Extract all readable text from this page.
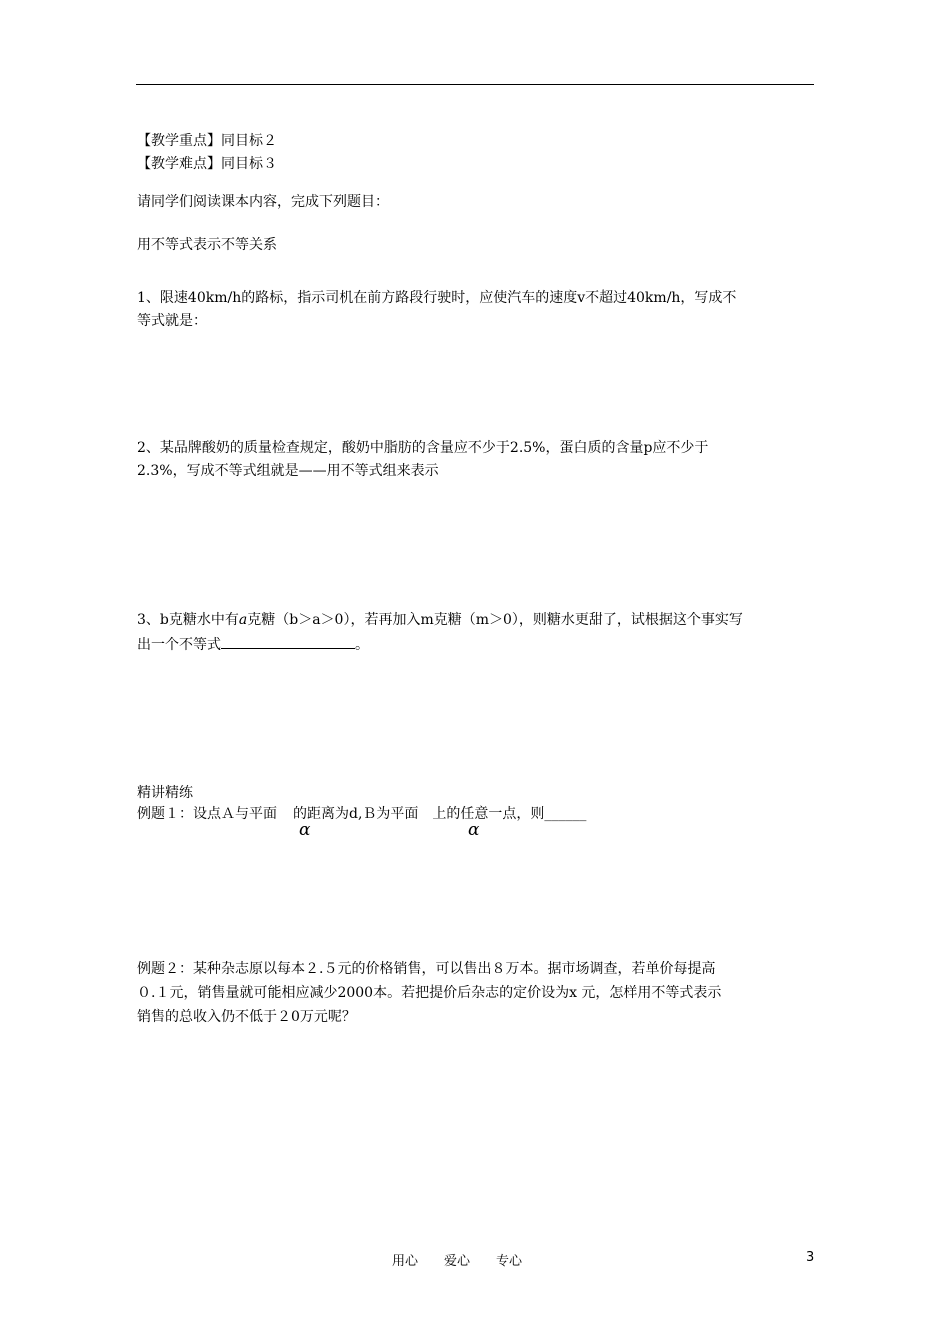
【教学重点】同目标２
【教学难点】同目标３
请同学们阅读课本内容，完成下列题目：
用不等式表示不等关系
1、限速40km/h的路标，指示司机在前方路段行驶时，应使汽车的速度v不超过40km/h，写成不
等式就是：
2、某品牌酸奶的质量检查规定，酸奶中脂肪的含量应不少于2.5%，蛋白质的含量p应不少于
2.3%，写成不等式组就是——用不等式组来表示
3、b克糖水中有a克糖（b＞a＞0），若再加入m克糖（m＞0），则糖水更甜了，试根据这个事实写
出一个不等式	。
精讲精练
例题１：设点Ａ与平面 的距离为d,Ｂ为平面 上的任意一点，则______
α	α
例题２：某种杂志原以每本２.５元的价格销售，可以售出８万本。据市场调查，若单价每提高
０.１元，销售量就可能相应减少2000本。若把提价后杂志的定价设为x 元，怎样用不等式表示
销售的总收入仍不低于２0万元呢？
用心　　爱心　　专心	3
